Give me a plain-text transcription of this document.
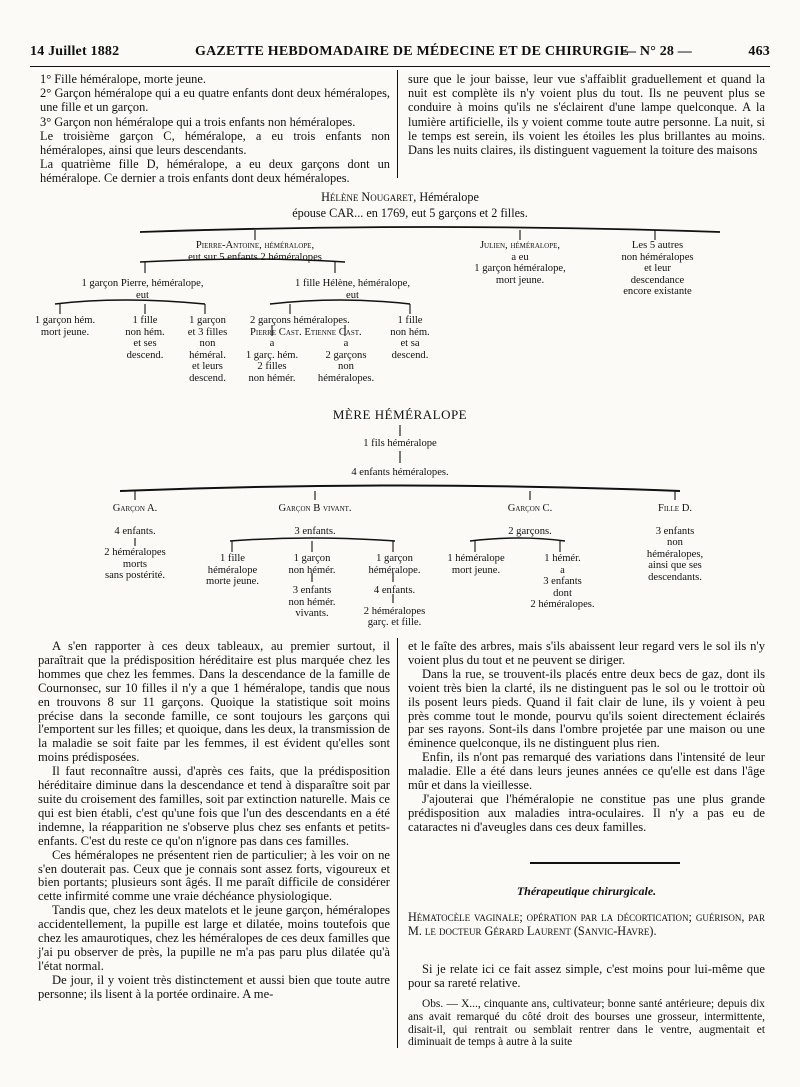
14 Juillet 1882	GAZETTE HEBDOMADAIRE DE MÉDECINE ET DE CHIRURGIE
— N° 28 —	463

1° Fille héméralope, morte jeune.

2° Garçon héméralope qui a eu quatre enfants dont deux héméralopes, une fille et un garçon.

3° Garçon non héméralope qui a trois enfants non héméralopes.

Le troisième garçon C, héméralope, a eu trois enfants non héméralopes, ainsi que leurs descendants.

La quatrième fille D, héméralope, a eu deux garçons dont un héméralope. Ce dernier a trois enfants dont deux héméralopes.

sure que le jour baisse, leur vue s'affaiblit graduellement et quand la nuit est complète ils n'y voient plus du tout. Ils ne peuvent plus se conduire à moins qu'ils ne s'éclairent d'une lampe quelconque. A la lumière artificielle, ils y voient comme toute autre personne. La nuit, si le temps est serein, ils voient les étoiles les plus brillantes au moins. Dans les nuits claires, ils distinguent vaguement la toiture des maisons

Hélène Nougaret, Héméralope
épouse CAR... en 1769, eut 5 garçons et 2 filles.
Pierre-Antoine, héméralope,
eut sur 5 enfants 2 héméralopes
Julien, héméralope,
a eu
1 garçon héméralope,
mort jeune.
Les 5 autres
non héméralopes
et leur
descendance
encore existante
1 garçon Pierre, héméralope,
eut
1 fille Hélène, héméralope,
eut
1 garçon hém.
mort jeune.
1 fille
non hém.
et ses
descend.
1 garçon
et 3 filles
non
héméral.
et leurs
descend.
2 garçons héméralopes.
Pierre Cast. Etienne Cast.
a
1 garç. hém.
2 filles
non hémér.
a
2 garçons
non
héméralopes.
1 fille
non hém.
et sa
descend.
MÈRE HÉMÉRALOPE
1 fils héméralope
4 enfants héméralopes.
Garçon A.
4 enfants.
2 héméralopes
morts
sans postérité.
Garçon B vivant.
3 enfants.
1 fille
héméralope
morte jeune.
1 garçon
non hémér.
3 enfants
non hémér.
vivants.
1 garçon
héméralope.
4 enfants.
2 héméralopes
garç. et fille.
Garçon C.
2 garçons.
1 héméralope
mort jeune.
1 hémér.
a
3 enfants
dont
2 héméralopes.
Fille D.
3 enfants
non
héméralopes,
ainsi que ses
descendants.

A s'en rapporter à ces deux tableaux, au premier surtout, il paraîtrait que la prédisposition héréditaire est plus marquée chez les hommes que chez les femmes. Dans la descendance de la famille de Cournonsec, sur 10 filles il n'y a que 1 héméralope, tandis que nous en trouvons 8 sur 11 garçons. Quoique la statistique soit moins précise dans la seconde famille, ce sont toujours les garçons qui l'emportent sur les filles; et quoique, dans les deux, la transmission de la maladie se soit faite par les femmes, il est évident qu'elles sont moins prédisposées.

Il faut reconnaître aussi, d'après ces faits, que la prédisposition héréditaire diminue dans la descendance et tend à disparaître soit par suite du croisement des familles, soit par extinction naturelle. Mais ce qui est bien établi, c'est qu'une fois que l'un des descendants en a été indemne, la réapparition ne s'observe plus chez ses enfants et petits-enfants. C'est du reste ce qu'on n'ignore pas dans ces familles.

Ces héméralopes ne présentent rien de particulier; à les voir on ne s'en douterait pas. Ceux que je connais sont assez forts, vigoureux et bien portants; plusieurs sont âgés. Il me paraît difficile de considérer cette infirmité comme une vraie déchéance physiologique.

Tandis que, chez les deux matelots et le jeune garçon, héméralopes accidentellement, la pupille est large et dilatée, moins toutefois que chez les amaurotiques, chez les héméralopes de ces deux familles que j'ai pu observer de près, la pupille ne m'a pas paru plus dilatée qu'à l'état normal.

De jour, il y voient très distinctement et aussi bien que toute autre personne; ils lisent à la portée ordinaire. A me-

et le faîte des arbres, mais s'ils abaissent leur regard vers le sol ils n'y voient plus du tout et ne peuvent se diriger.

Dans la rue, se trouvent-ils placés entre deux becs de gaz, dont ils voient très bien la clarté, ils ne distinguent pas le sol ou le trottoir où ils posent leurs pieds. Quand il fait clair de lune, ils y voient à peu près comme tout le monde, pourvu qu'ils soient directement éclairés par ses rayons. Sont-ils dans l'ombre projetée par une maison ou une éminence quelconque, ils ne distinguent plus rien.

Enfin, ils n'ont pas remarqué des variations dans l'intensité de leur maladie. Elle a été dans leurs jeunes années ce qu'elle est dans l'âge mûr et dans la vieillesse.

J'ajouterai que l'héméralopie ne constitue pas une plus grande prédisposition aux maladies intra-oculaires. Il n'y a pas eu de cataractes ni d'aveugles dans ces deux familles.

Thérapeutique chirurgicale.

Hématocèle vaginale; opération par la décortication; guérison, par M. le docteur Gérard Laurent (Sanvic-Havre).

Si je relate ici ce fait assez simple, c'est moins pour lui-même que pour sa rareté relative.

Obs. — X..., cinquante ans, cultivateur; bonne santé antérieure; depuis dix ans avait remarqué du côté droit des bourses une grosseur, intermittente, disait-il, qui rentrait ou semblait rentrer dans le ventre, augmentait et diminuait de temps à autre à la suite
